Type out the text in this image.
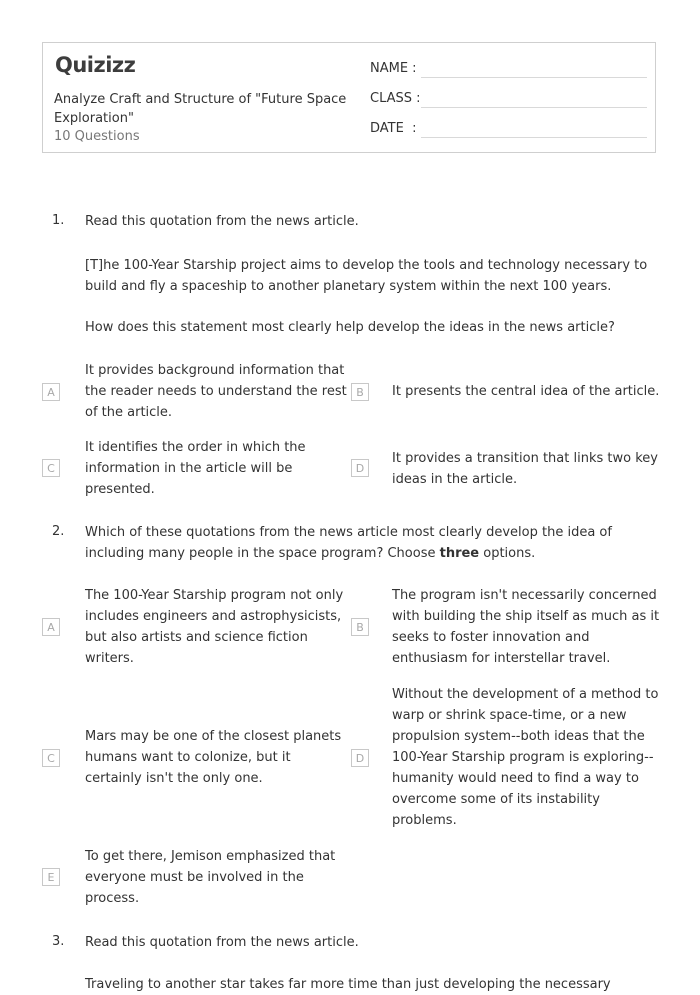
Quizizz
Analyze Craft and Structure of "Future Space Exploration"
10 Questions
NAME :
CLASS :
DATE  :
1. Read this quotation from the news article.
[T]he 100-Year Starship project aims to develop the tools and technology necessary to build and fly a spaceship to another planetary system within the next 100 years.
How does this statement most clearly help develop the ideas in the news article?
A
It provides background information that the reader needs to understand the rest of the article.
B	It presents the central idea of the article.
C
It identifies the order in which the information in the article will be presented.
D
It provides a transition that links two key ideas in the article.
2. Which of these quotations from the news article most clearly develop the idea of including many people in the space program? Choose three options.
A
The 100-Year Starship program not only includes engineers and astrophysicists, but also artists and science fiction writers.
B
The program isn't necessarily concerned with building the ship itself as much as it seeks to foster innovation and enthusiasm for interstellar travel.
C
Mars may be one of the closest planets humans want to colonize, but it certainly isn't the only one.
D
Without the development of a method to warp or shrink space-time, or a new propulsion system--both ideas that the 100-Year Starship program is exploring--humanity would need to find a way to overcome some of its instability problems.
E
To get there, Jemison emphasized that everyone must be involved in the process.
3. Read this quotation from the news article.
Traveling to another star takes far more time than just developing the necessary
